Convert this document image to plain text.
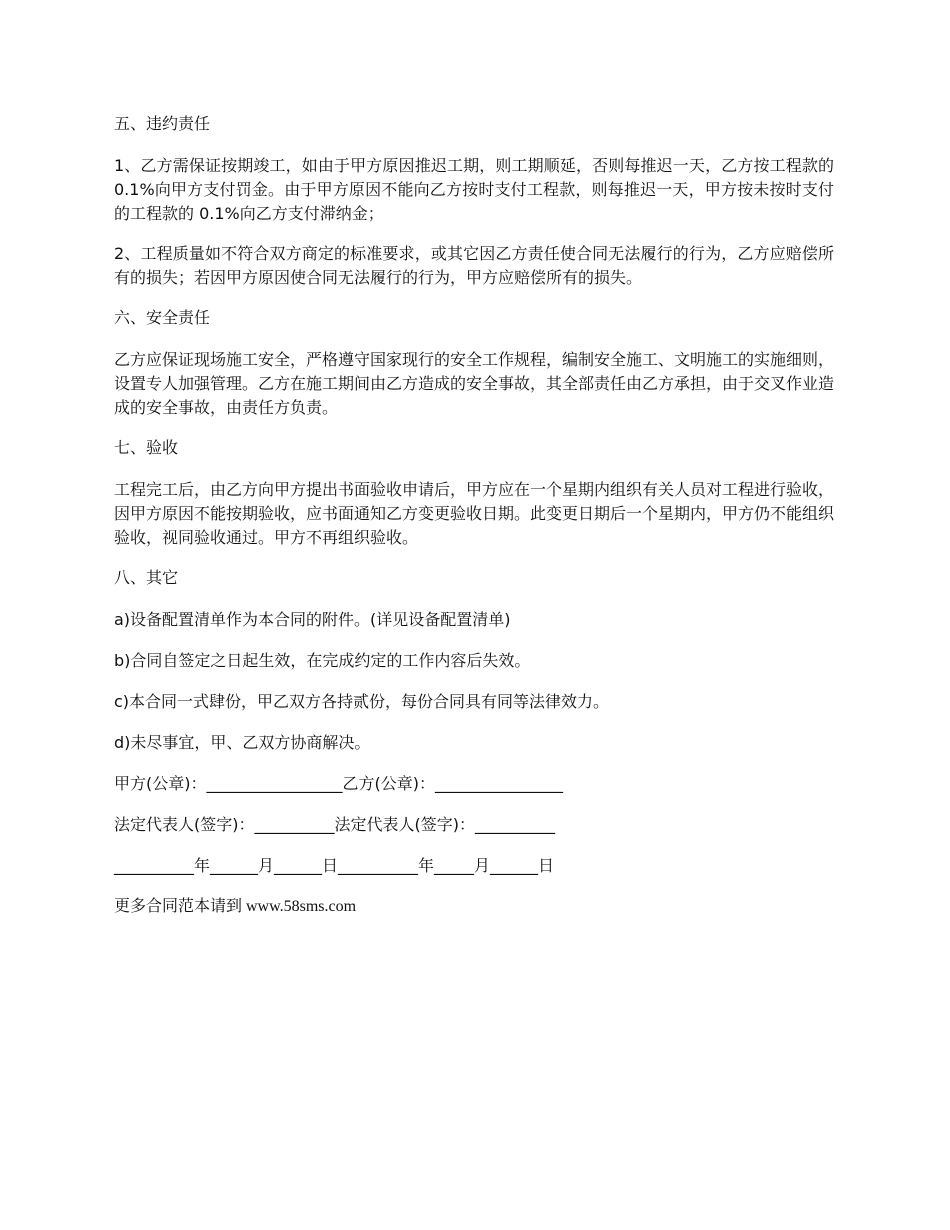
五、违约责任
1、乙方需保证按期竣工，如由于甲方原因推迟工期，则工期顺延，否则每推迟一天，乙方按工程款的 0.1%向甲方支付罚金。由于甲方原因不能向乙方按时支付工程款，则每推迟一天，甲方按未按时支付的工程款的 0.1%向乙方支付滞纳金；
2、工程质量如不符合双方商定的标准要求，或其它因乙方责任使合同无法履行的行为，乙方应赔偿所有的损失；若因甲方原因使合同无法履行的行为，甲方应赔偿所有的损失。
六、安全责任
乙方应保证现场施工安全，严格遵守国家现行的安全工作规程，编制安全施工、文明施工的实施细则，设置专人加强管理。乙方在施工期间由乙方造成的安全事故，其全部责任由乙方承担，由于交叉作业造成的安全事故，由责任方负责。
七、验收
工程完工后，由乙方向甲方提出书面验收申请后，甲方应在一个星期内组织有关人员对工程进行验收，因甲方原因不能按期验收，应书面通知乙方变更验收日期。此变更日期后一个星期内，甲方仍不能组织验收，视同验收通过。甲方不再组织验收。
八、其它
a)设备配置清单作为本合同的附件。(详见设备配置清单)
b)合同自签定之日起生效，在完成约定的工作内容后失效。
c)本合同一式肆份，甲乙双方各持贰份，每份合同具有同等法律效力。
d)未尽事宜，甲、乙双方协商解决。
甲方(公章)：_________________乙方(公章)：________________
法定代表人(签字)：__________法定代表人(签字)：__________
__________年______月______日__________年_____月______日
更多合同范本请到 www.58sms.com
